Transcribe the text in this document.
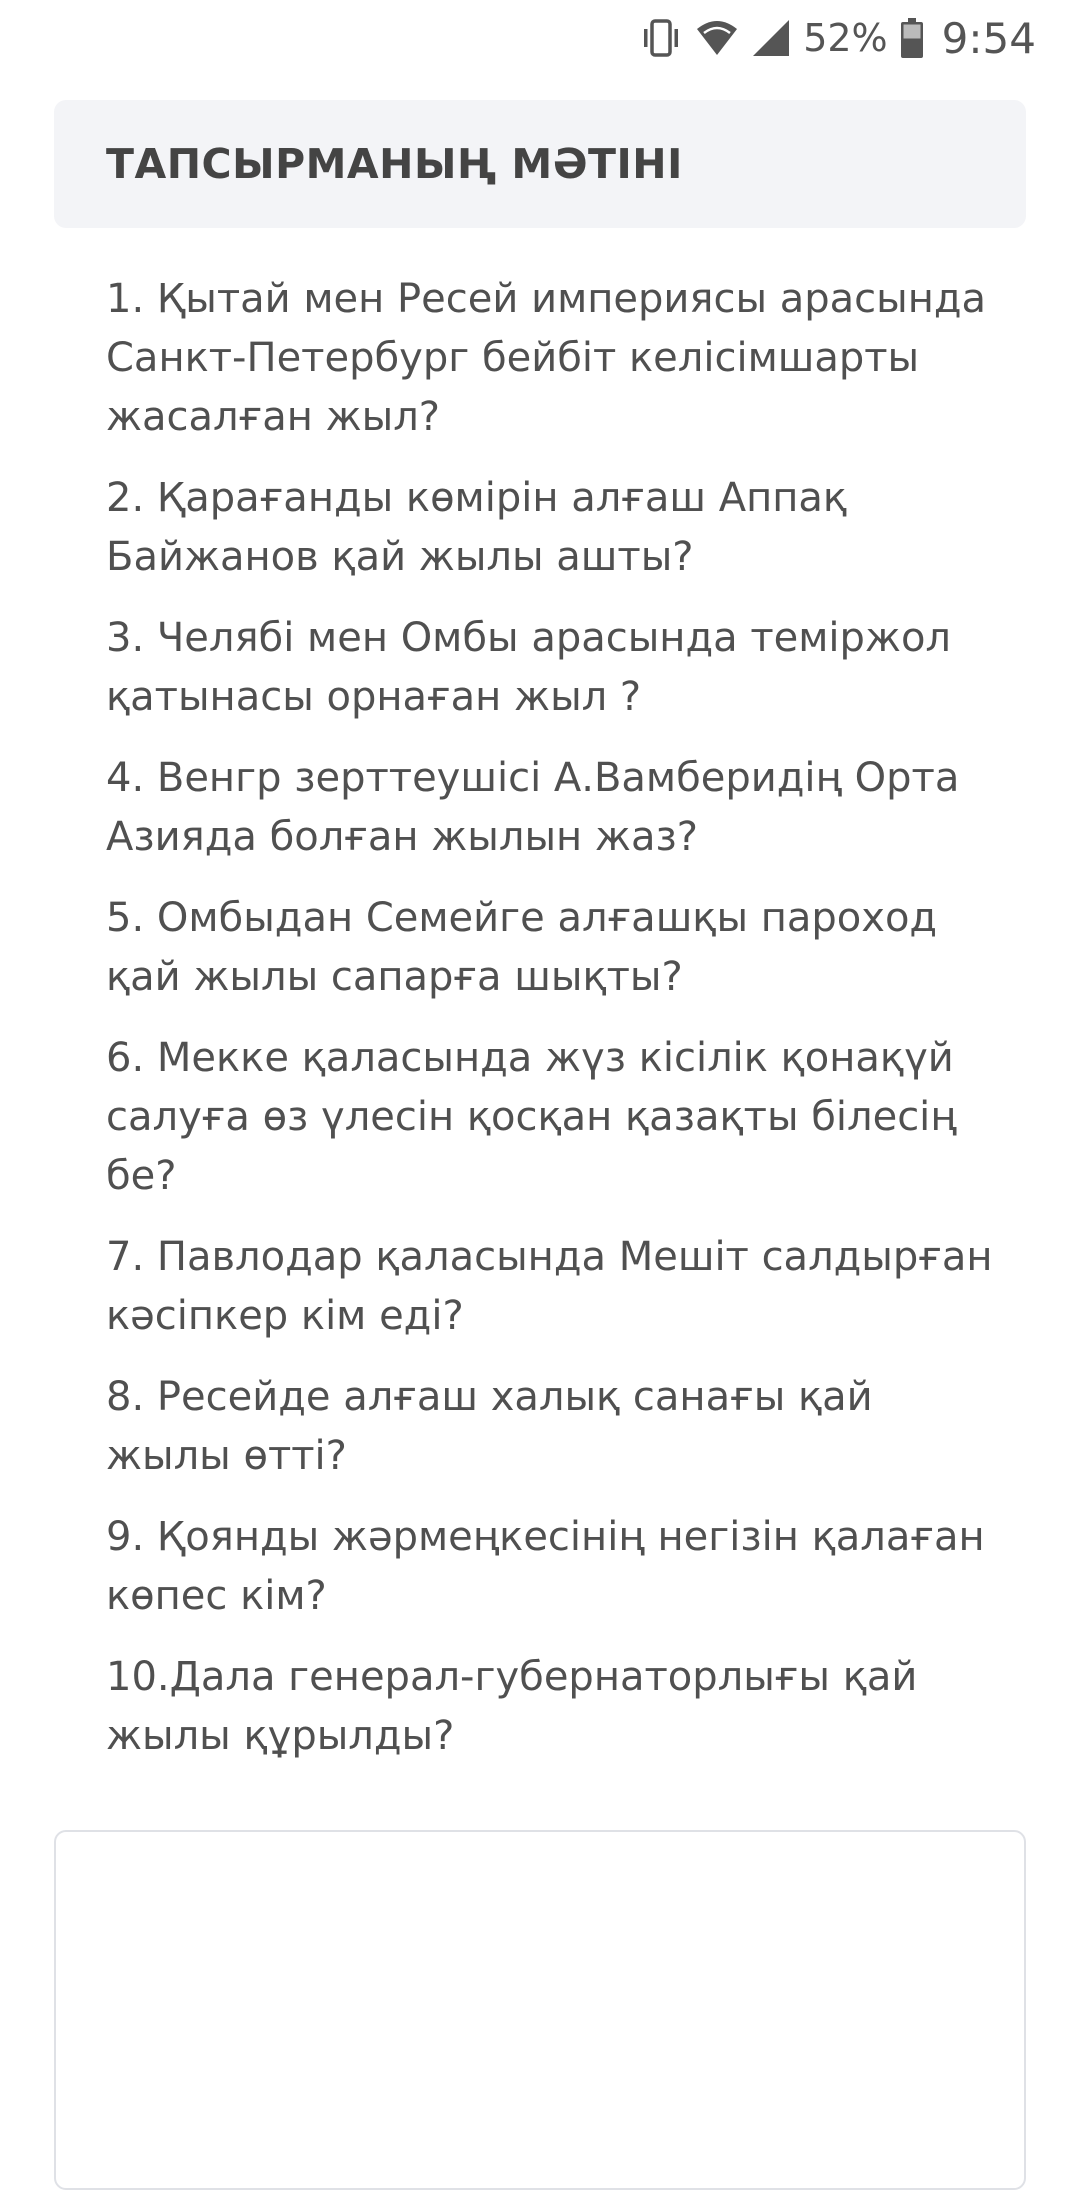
52% 9:54
ТАПСЫРМАНЫҢ МӘТІНІ
1. Қытай мен Ресей империясы арасында Санкт-Петербург бейбіт келісімшарты жасалған жыл?
2. Қарағанды көмірін алғаш Аппақ Байжанов қай жылы ашты?
3. Челябі мен Омбы арасында теміржол қатынасы орнаған жыл ?
4. Венгр зерттеушісі А.Вамберидің Орта Азияда болған жылын жаз?
5. Омбыдан Семейге алғашқы пароход қай жылы сапарға шықты?
6. Мекке қаласында жүз кісілік қонақүй салуға өз үлесін қосқан қазақты білесің бе?
7. Павлодар қаласында Мешіт салдырған кәсіпкер кім еді?
8. Ресейде алғаш халық санағы қай жылы өтті?
9. Қоянды жәрмеңкесінің негізін қалаған көпес кім?
10.Дала генерал-губернаторлығы қай жылы құрылды?
